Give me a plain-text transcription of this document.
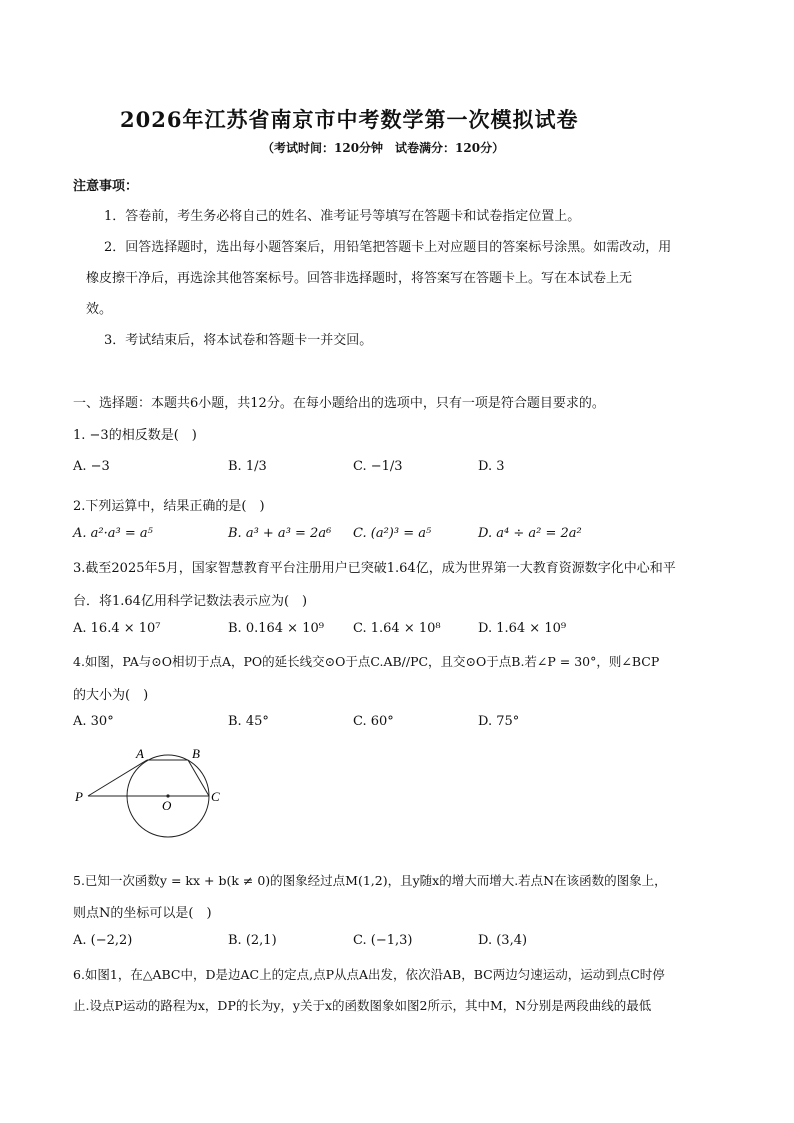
2026年江苏省南京市中考数学第一次模拟试卷
（考试时间：120分钟　试卷满分：120分）
注意事项：
1．答卷前，考生务必将自己的姓名、准考证号等填写在答题卡和试卷指定位置上。
2．回答选择题时，选出每小题答案后，用铅笔把答题卡上对应题目的答案标号涂黑。如需改动，用
橡皮擦干净后，再选涂其他答案标号。回答非选择题时，将答案写在答题卡上。写在本试卷上无
效。
3．考试结束后，将本试卷和答题卡一并交回。
一、选择题：本题共6小题，共12分。在每小题给出的选项中，只有一项是符合题目要求的。
1. −3的相反数是(　)
A. −3	B. 1/3	C. −1/3	D. 3
2.下列运算中，结果正确的是(　)
A. a²·a³ = a⁵	B. a³ + a³ = 2a⁶ C. (a²)³ = a⁵	D. a⁴ ÷ a² = 2a²
3.截至2025年5月，国家智慧教育平台注册用户已突破1.64亿，成为世界第一大教育资源数字化中心和平
台．将1.64亿用科学记数法表示应为(　)
A. 16.4 × 10⁷	B. 0.164 × 10⁹ C. 1.64 × 10⁸	D. 1.64 × 10⁹
4.如图，PA与⊙O相切于点A，PO的延长线交⊙O于点C.AB//PC，且交⊙O于点B.若∠P = 30°，则∠BCP
的大小为(　)
A. 30°	B. 45°	C. 60°	D. 75°
P
A	B
O
C
5.已知一次函数y = kx + b(k ≠ 0)的图象经过点M(1,2)，且y随x的增大而增大.若点N在该函数的图象上，
则点N的坐标可以是(　)
A. (−2,2)	B. (2,1)	C. (−1,3)	D. (3,4)
6.如图1，在△ABC中，D是边AC上的定点,点P从点A出发，依次沿AB，BC两边匀速运动，运动到点C时停
止.设点P运动的路程为x，DP的长为y，y关于x的函数图象如图2所示，其中M，N分别是两段曲线的最低
